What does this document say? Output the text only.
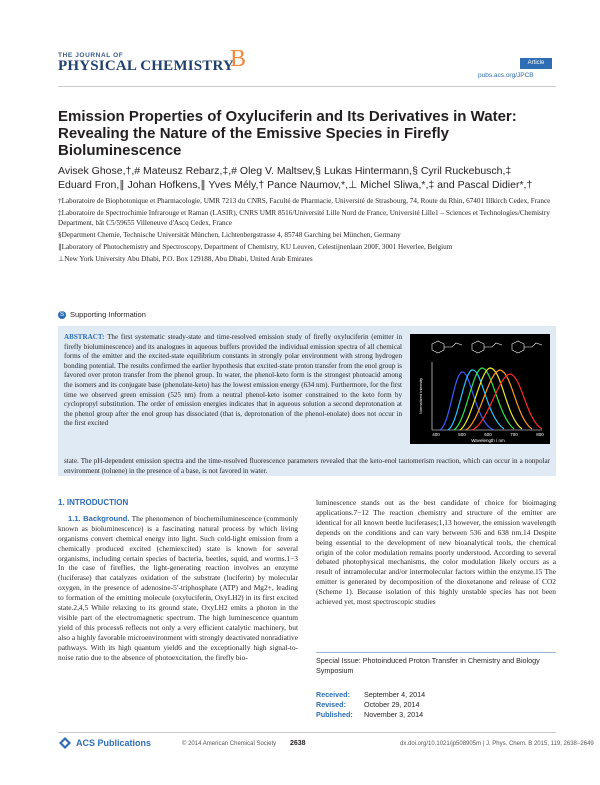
THE JOURNAL OF
PHYSICAL CHEMISTRY
B	Article
pubs.acs.org/JPCB
Emission Properties of Oxyluciferin and Its Derivatives in Water: Revealing the Nature of the Emissive Species in Firefly Bioluminescence
Avisek Ghose,†,# Mateusz Rebarz,‡,# Oleg V. Maltsev,§ Lukas Hintermann,§ Cyril Ruckebusch,‡
Eduard Fron,∥ Johan Hofkens,∥ Yves Mély,† Pance Naumov,*,⊥ Michel Sliwa,*,‡ and Pascal Didier*,†

†Laboratoire de Biophotonique et Pharmacologie, UMR 7213 du CNRS, Faculté de Pharmacie, Université de Strasbourg, 74, Route du Rhin, 67401 Illkirch Cedex, France

‡Laboratoire de Spectrochimie Infrarouge et Raman (LASIR), CNRS UMR 8516/Université Lille Nord de France, Université Lille1 – Sciences et Technologies/Chemistry Department, bât C5/59655 Villeneuve d'Ascq Cedex, France

§Department Chemie, Technische Universität München, Lichtenbergstrasse 4, 85748 Garching bei München, Germany

∥Laboratory of Photochemistry and Spectroscopy, Department of Chemistry, KU Leuven, Celestijnenlaan 200F, 3001 Heverlee, Belgium

⊥New York University Abu Dhabi, P.O. Box 129188, Abu Dhabi, United Arab Emirates

S Supporting Information
ABSTRACT: The first systematic steady-state and time-resolved emission study of firefly oxyluciferin (emitter in firefly bioluminescence) and its analogues in aqueous buffers provided the individual emission spectra of all chemical forms of the emitter and the excited-state equilibrium constants in strongly polar environment with strong hydrogen bonding potential. The results confirmed the earlier hypothesis that excited-state proton transfer from the enol group is favored over proton transfer from the phenol group. In water, the phenol-keto form is the strongest photoacid among the isomers and its conjugate base (phenolate-keto) has the lowest emission energy (634 nm). Furthermore, for the first time we observed green emission (525 nm) from a neutral phenol-keto isomer constrained to the keto form by cyclopropyl substitution. The order of emission energies indicates that in aqueous solution a second deprotonation at the phenol group after the enol group has dissociated (that is, deprotonation of the phenol-enolate) does not occur in the first excited
state. The pH-dependent emission spectra and the time-resolved fluorescence parameters revealed that the keto-enol tautomerism reaction, which can occur in a nonpolar environment (toluene) in the presence of a base, is not favored in water.
400	500	600	700	800
Wavelength / nm
Normalized Intensity
1. INTRODUCTION
1.1. Background. The phenomenon of biochemiluminescence (commonly known as bioluminescence) is a fascinating natural process by which living organisms convert chemical energy into light. Such cold-light emission from a chemically produced excited (chemiexcited) state is known for several organisms, including certain species of bacteria, beetles, squid, and worms.1−3 In the case of fireflies, the light-generating reaction involves an enzyme (luciferase) that catalyzes oxidation of the substrate (luciferin) by molecular oxygen, in the presence of adenosine-5′-triphosphate (ATP) and Mg2+, leading to formation of the emitting molecule (oxyluciferin, OxyLH2) in its first excited state.2,4,5 While relaxing to its ground state, OxyLH2 emits a photon in the visible part of the electromagnetic spectrum. The high luminescence quantum yield of this process6 reflects not only a very efficient catalytic machinery, but also a highly favorable microenvironment with strongly deactivated nonradiative pathways. With its high quantum yield6 and the exceptionally high signal-to-noise ratio due to the absence of photoexcitation, the firefly bio-
luminescence stands out as the best candidate of choice for bioimaging applications.7−12 The reaction chemistry and structure of the emitter are identical for all known beetle luciferases;1,13 however, the emission wavelength depends on the conditions and can vary between 536 and 638 nm.14 Despite being essential to the development of new bioanalytical tools, the chemical origin of the color modulation remains poorly understood. According to several debated photophysical mechanisms, the color modulation likely occurs as a result of intramolecular and/or intermolecular factors within the enzyme.15 The emitter is generated by decomposition of the dioxetanone and release of CO2 (Scheme 1). Because isolation of this highly unstable species has not been achieved yet, most spectroscopic studies
Special Issue: Photoinduced Proton Transfer in Chemistry and Biology Symposium
Received: September 4, 2014
Revised:	October 29, 2014
Published: November 3, 2014
ACS Publications	© 2014 American Chemical Society 2638	dx.doi.org/10.1021/jp508905m | J. Phys. Chem. B 2015, 119, 2638−2649
